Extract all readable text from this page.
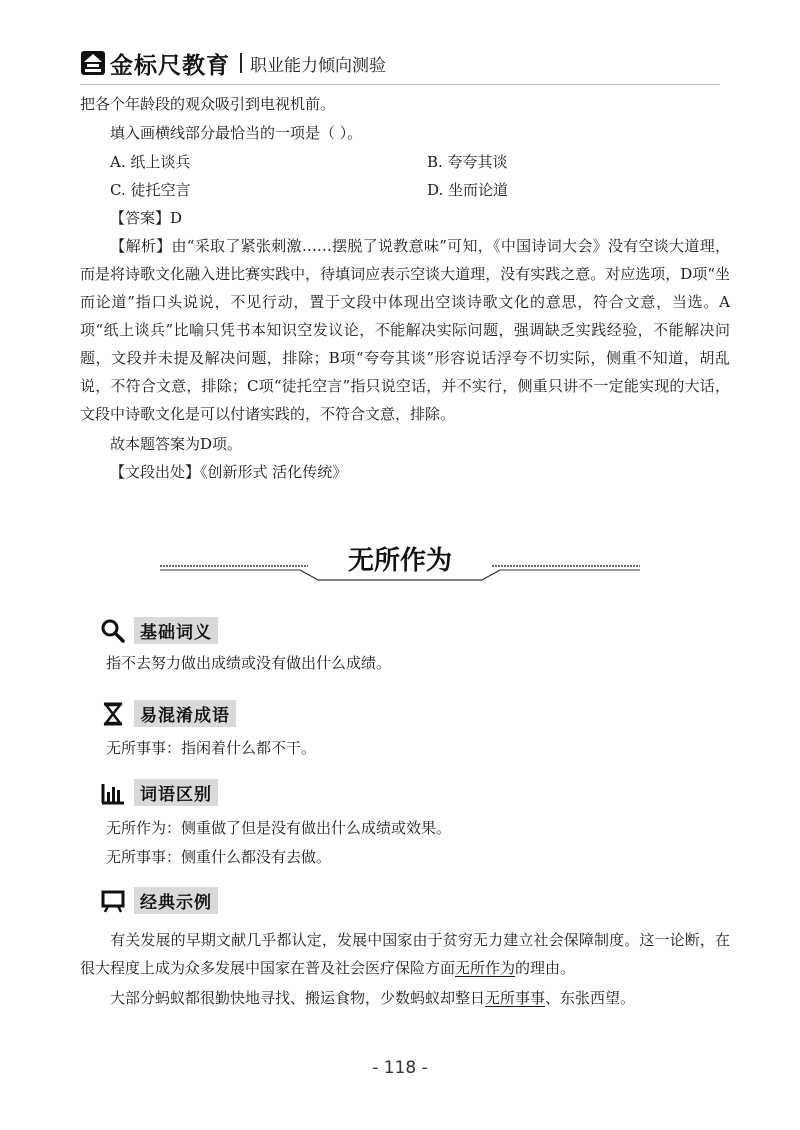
金标尺教育 职业能力倾向测验
把各个年龄段的观众吸引到电视机前。
填入画横线部分最恰当的一项是（ ）。
A. 纸上谈兵	B. 夸夸其谈
C. 徒托空言	D. 坐而论道
【答案】D
【解析】由“采取了紧张刺激……摆脱了说教意味”可知，《中国诗词大会》没有空谈大道理，而是将诗歌文化融入进比赛实践中，待填词应表示空谈大道理，没有实践之意。对应选项，D项“坐而论道”指口头说说，不见行动，置于文段中体现出空谈诗歌文化的意思，符合文意，当选。A项“纸上谈兵”比喻只凭书本知识空发议论，不能解决实际问题，强调缺乏实践经验，不能解决问题，文段并未提及解决问题，排除；B项“夸夸其谈”形容说话浮夸不切实际，侧重不知道，胡乱说，不符合文意，排除；C项“徒托空言”指只说空话，并不实行，侧重只讲不一定能实现的大话，文段中诗歌文化是可以付诸实践的，不符合文意，排除。
故本题答案为D项。
【文段出处】《创新形式 活化传统》
无所作为
基础词义
指不去努力做出成绩或没有做出什么成绩。
易混淆成语
无所事事：指闲着什么都不干。
词语区别
无所作为：侧重做了但是没有做出什么成绩或效果。
无所事事：侧重什么都没有去做。
经典示例
有关发展的早期文献几乎都认定，发展中国家由于贫穷无力建立社会保障制度。这一论断，在很大程度上成为众多发展中国家在普及社会医疗保险方面无所作为的理由。
大部分蚂蚁都很勤快地寻找、搬运食物，少数蚂蚁却整日无所事事、东张西望。
- 118 -
